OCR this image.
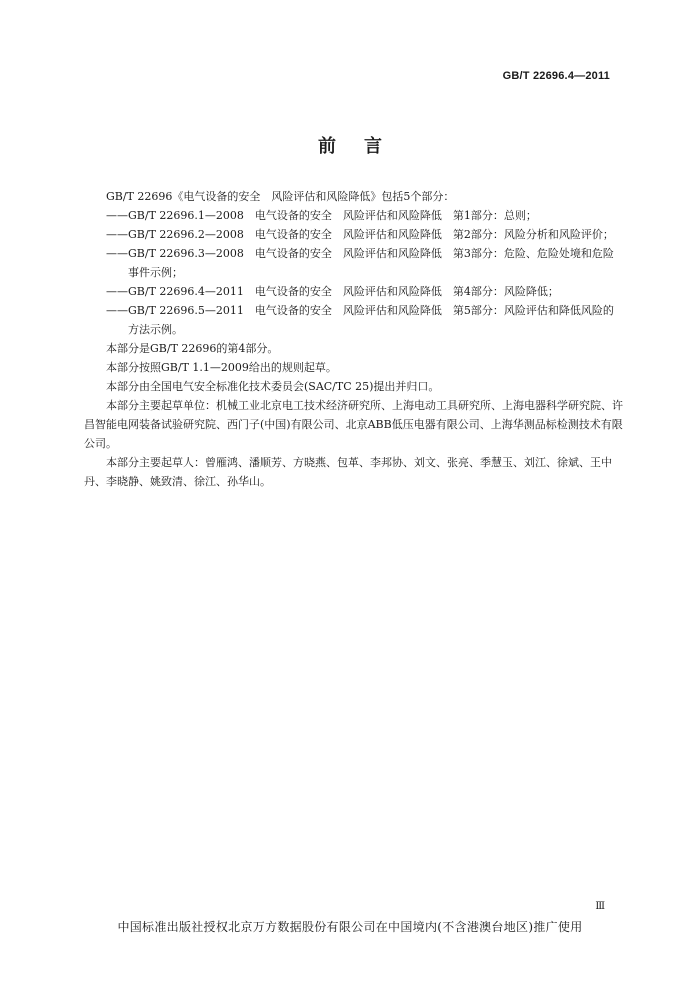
GB/T 22696.4—2011
前言

GB/T 22696《电气设备的安全　风险评估和风险降低》包括5个部分：

——GB/T 22696.1—2008　电气设备的安全　风险评估和风险降低　第1部分：总则；

——GB/T 22696.2—2008　电气设备的安全　风险评估和风险降低　第2部分：风险分析和风险评价；

——GB/T 22696.3—2008　电气设备的安全　风险评估和风险降低　第3部分：危险、危险处境和危险事件示例；

——GB/T 22696.4—2011　电气设备的安全　风险评估和风险降低　第4部分：风险降低；

——GB/T 22696.5—2011　电气设备的安全　风险评估和风险降低　第5部分：风险评估和降低风险的方法示例。

本部分是GB/T 22696的第4部分。

本部分按照GB/T 1.1—2009给出的规则起草。

本部分由全国电气安全标准化技术委员会(SAC/TC 25)提出并归口。

本部分主要起草单位：机械工业北京电工技术经济研究所、上海电动工具研究所、上海电器科学研究院、许昌智能电网装备试验研究院、西门子(中国)有限公司、北京ABB低压电器有限公司、上海华测品标检测技术有限公司。

本部分主要起草人：曾雁鸿、潘顺芳、方晓燕、包革、李邦协、刘文、张亮、季慧玉、刘江、徐斌、王中丹、李晓静、姚致清、徐江、孙华山。

Ⅲ
中国标准出版社授权北京万方数据股份有限公司在中国境内(不含港澳台地区)推广使用
